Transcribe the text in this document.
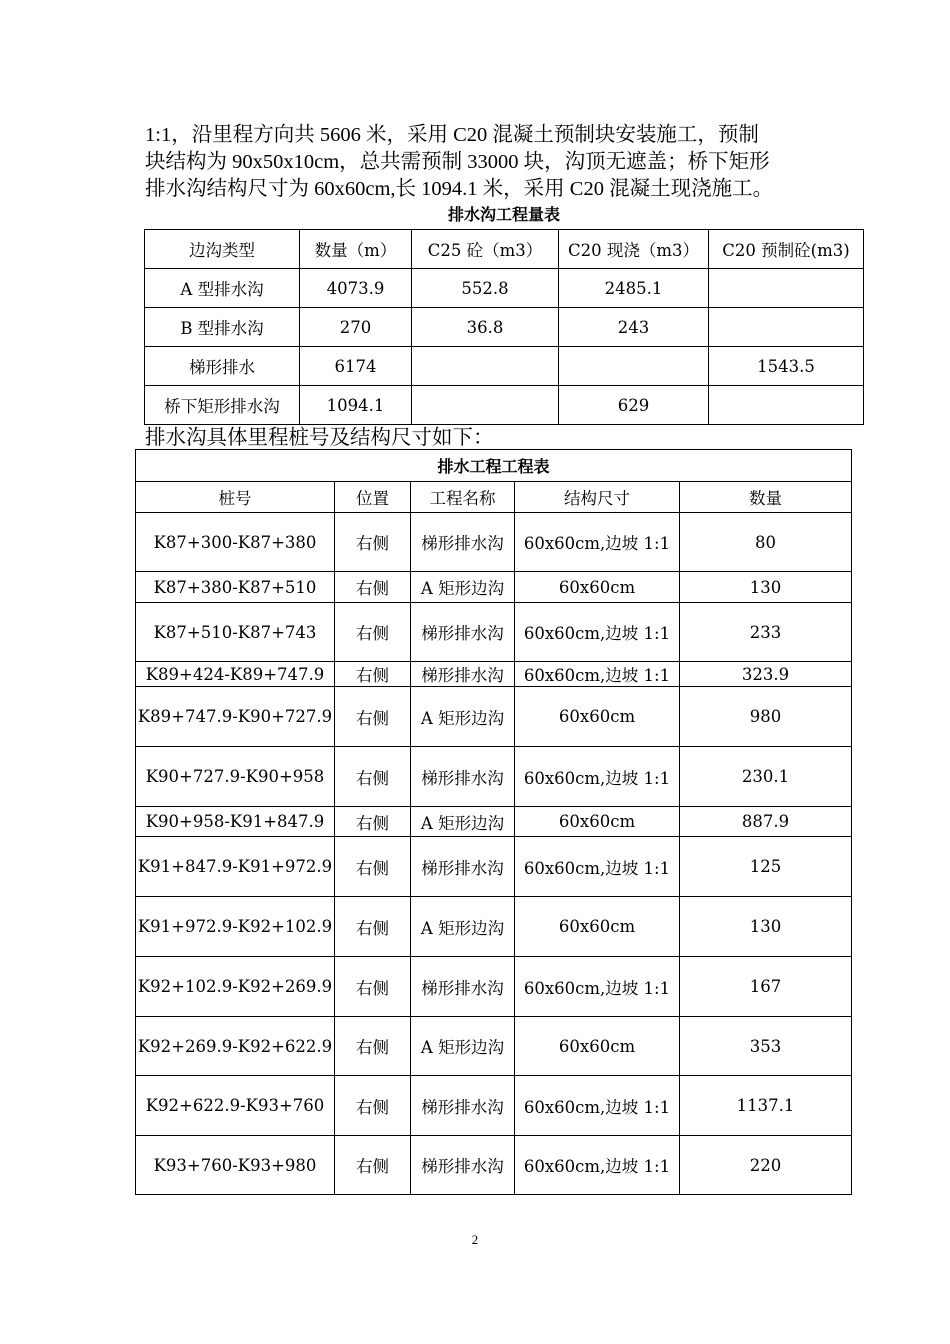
1:1，沿里程方向共 5606 米，采用 C20 混凝土预制块安装施工，预制
块结构为 90x50x10cm，总共需预制 33000 块，沟顶无遮盖；桥下矩形
排水沟结构尺寸为 60x60cm,长 1094.1 米，采用 C20 混凝土现浇施工。
排水沟工程量表
边沟类型	数量（m）	C25 砼（m3）	C20 现浇（m3）	C20 预制砼(m3)
A 型排水沟	4073.9	552.8	2485.1	
B 型排水沟	270	36.8	243	
梯形排水	6174			1543.5
桥下矩形排水沟	1094.1		629	
排水沟具体里程桩号及结构尺寸如下：
排水工程工程表				
桩号	位置	工程名称	结构尺寸	数量
K87+300-K87+380	右侧	梯形排水沟	60x60cm,边坡 1:1	80
K87+380-K87+510	右侧	A 矩形边沟	60x60cm	130
K87+510-K87+743	右侧	梯形排水沟	60x60cm,边坡 1:1	233
K89+424-K89+747.9	右侧	梯形排水沟	60x60cm,边坡 1:1	323.9
K89+747.9-K90+727.9	右侧	A 矩形边沟	60x60cm	980
K90+727.9-K90+958	右侧	梯形排水沟	60x60cm,边坡 1:1	230.1
K90+958-K91+847.9	右侧	A 矩形边沟	60x60cm	887.9
K91+847.9-K91+972.9	右侧	梯形排水沟	60x60cm,边坡 1:1	125
K91+972.9-K92+102.9	右侧	A 矩形边沟	60x60cm	130
K92+102.9-K92+269.9	右侧	梯形排水沟	60x60cm,边坡 1:1	167
K92+269.9-K92+622.9	右侧	A 矩形边沟	60x60cm	353
K92+622.9-K93+760	右侧	梯形排水沟	60x60cm,边坡 1:1	1137.1
K93+760-K93+980	右侧	梯形排水沟	60x60cm,边坡 1:1	220
2
